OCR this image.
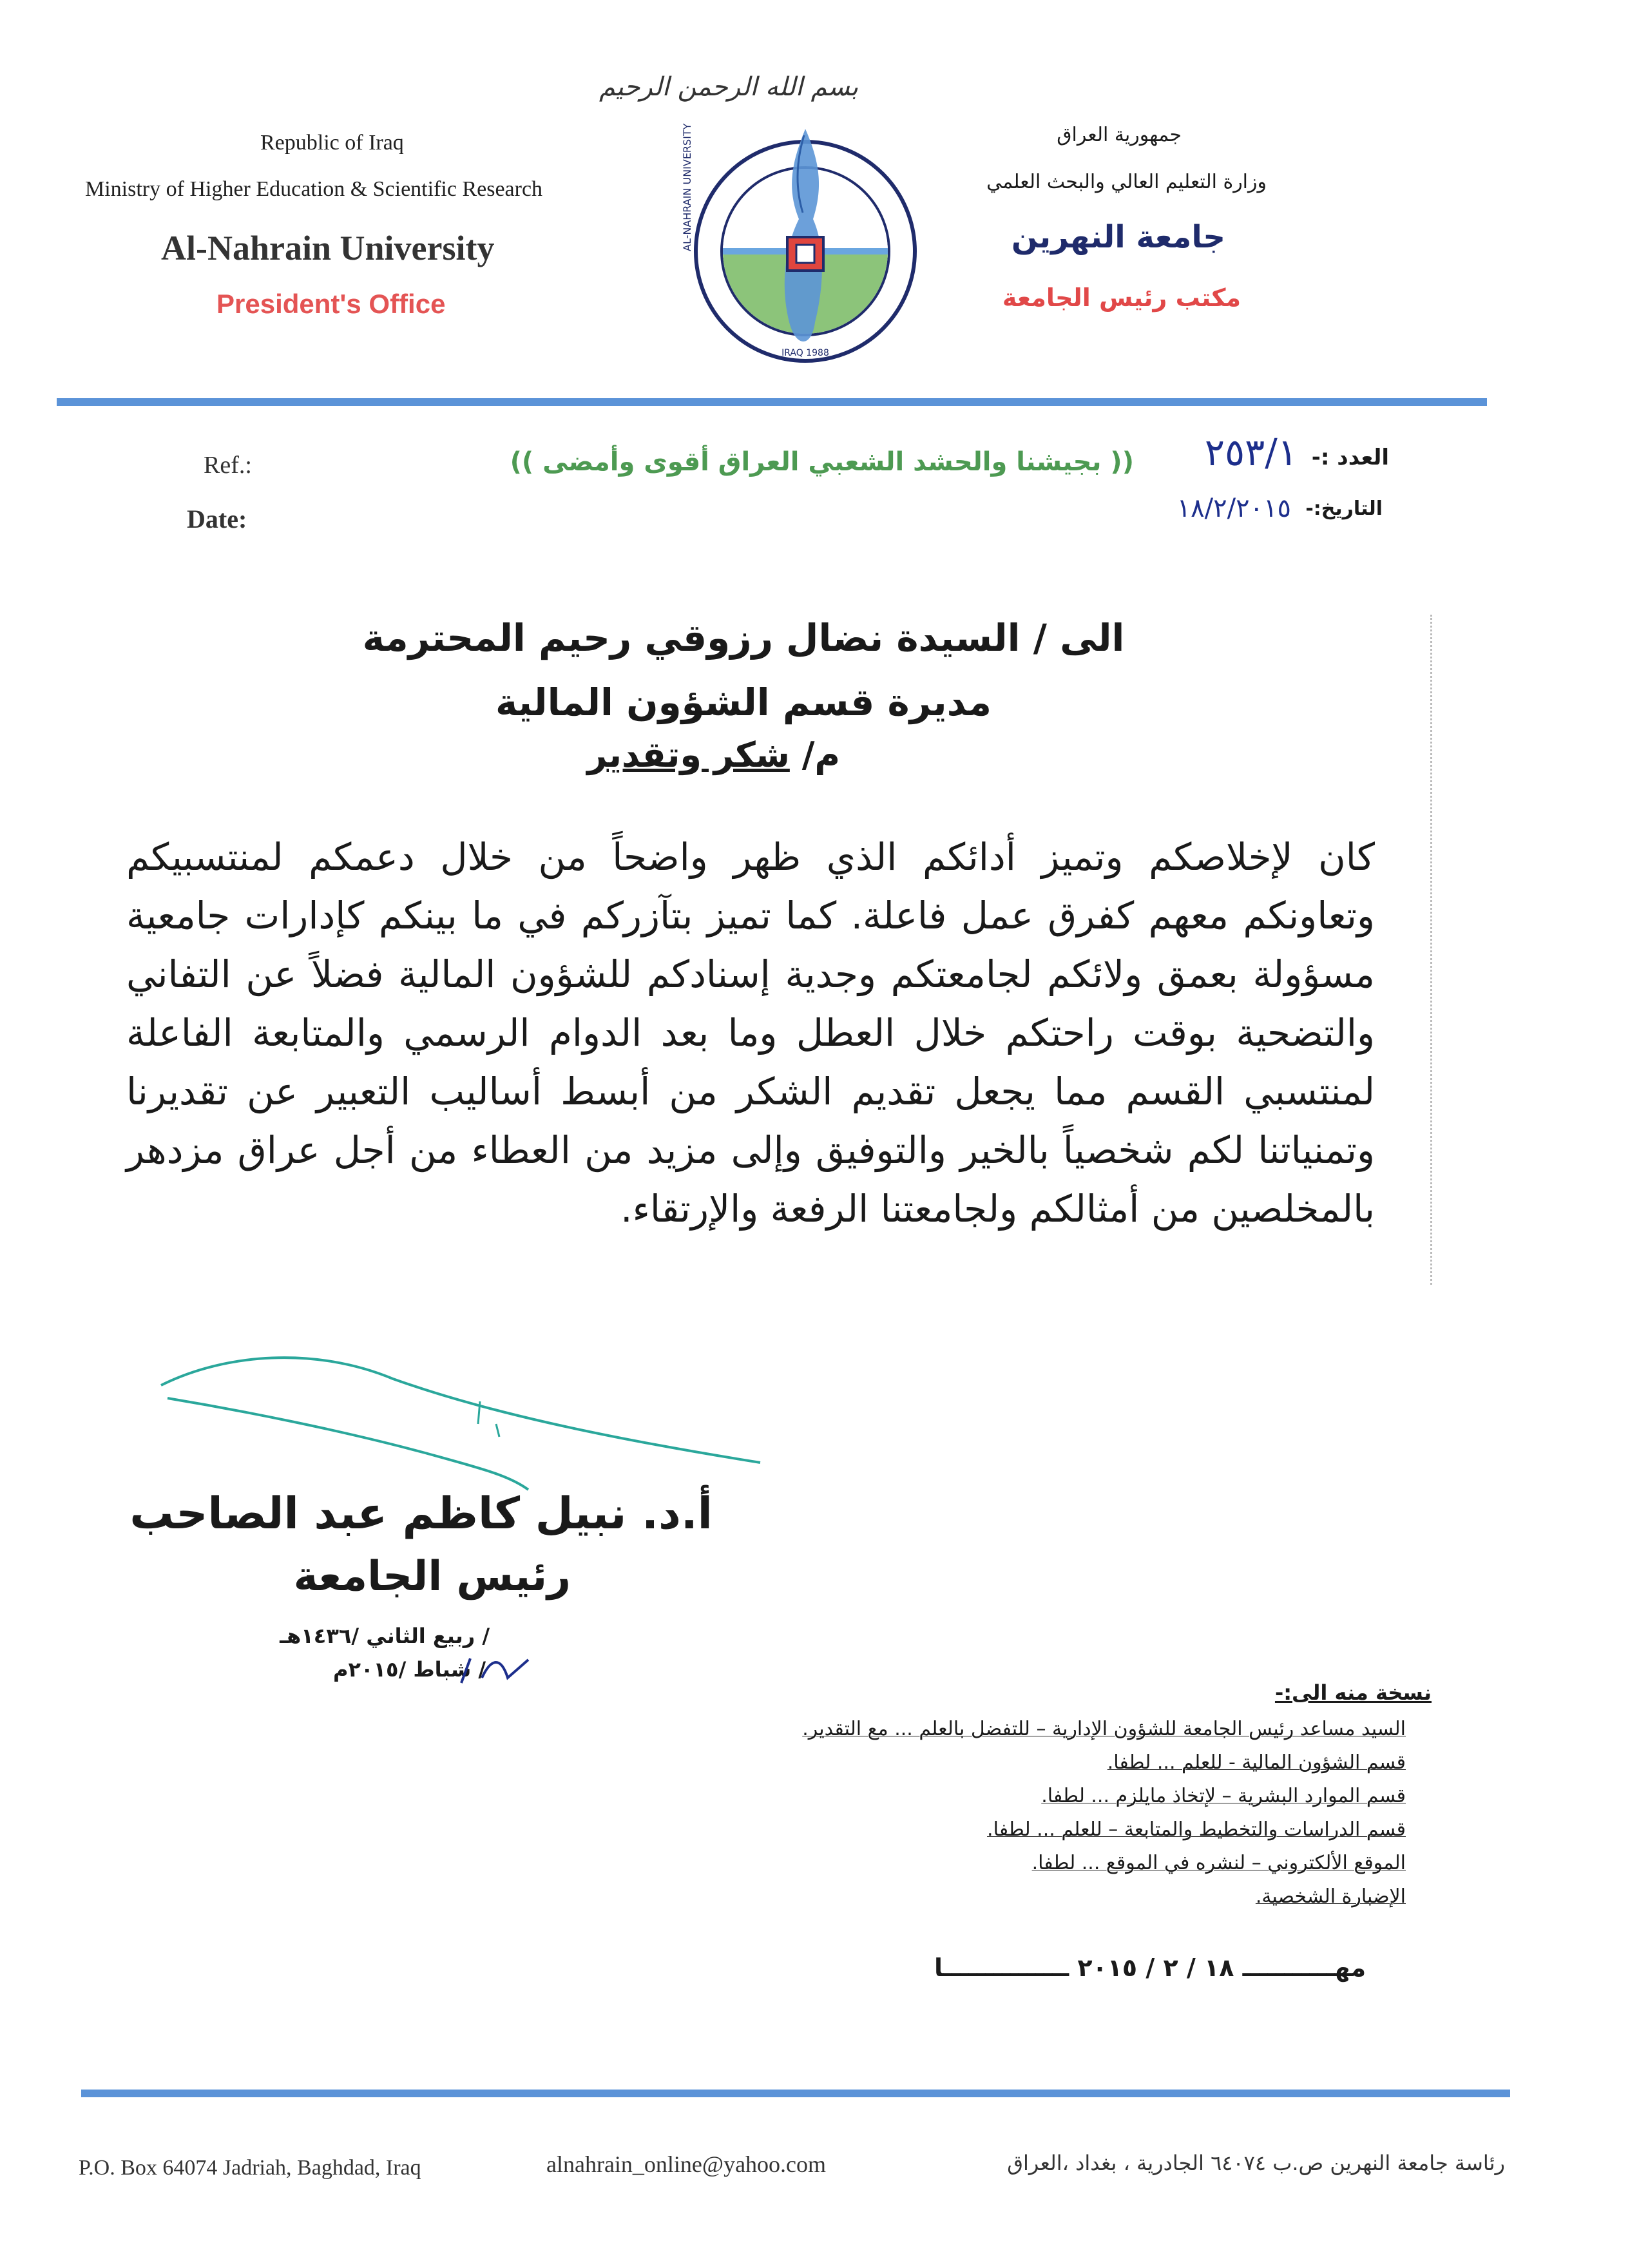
Republic of Iraq
Ministry of Higher Education & Scientific Research
Al-Nahrain University
President's Office
بسم الله الرحمن الرحيم
IRAQ 1988
AL-NAHRAIN UNIVERSITY	جمهورية العراق
وزارة التعليم العالي والبحث العلمي
جامعة النهرين
مكتب رئيس الجامعة
Ref.:
Date:
(( بجيشنا والحشد الشعبي العراق أقوى وأمضى ))	العدد :-
٢٥٣/١
التاريخ:-
١٨/٢/٢٠١٥
الى / السيدة نضال رزوقي رحيم المحترمة
مديرة قسم الشؤون المالية
م/ شكر وتقدير
كان لإخلاصكم وتميز أدائكم الذي ظهر واضحاً من خلال دعمكم لمنتسبيكم وتعاونكم معهم كفرق عمل فاعلة. كما تميز بتآزركم في ما بينكم كإدارات جامعية مسؤولة بعمق ولائكم لجامعتكم وجدية إسنادكم للشؤون المالية فضلاً عن التفاني والتضحية بوقت راحتكم خلال العطل وما بعد الدوام الرسمي والمتابعة الفاعلة لمنتسبي القسم مما يجعل تقديم الشكر من أبسط أساليب التعبير عن تقديرنا وتمنياتنا لكم شخصياً بالخير والتوفيق وإلى مزيد من العطاء من أجل عراق مزدهر بالمخلصين من أمثالكم ولجامعتنا الرفعة والإرتقاء.
أ.د. نبيل كاظم عبد الصاحب
رئيس الجامعة
/ ربيع الثاني /١٤٣٦هـ
/ شباط /٢٠١٥م
نسخة منه الى:-
السيد مساعد رئيس الجامعة للشؤون الإدارية – للتفضل بالعلم ... مع التقدير.
قسم الشؤون المالية - للعلم ... لطفا.
قسم الموارد البشرية – لإتخاذ مايلزم ... لطفا.
قسم الدراسات والتخطيط والمتابعة – للعلم ... لطفا.
الموقع الألكتروني – لنشره في الموقع ... لطفا.
الإضبارة الشخصية.
مهـــــــــــ ١٨ / ٢ / ٢٠١٥ ـــــــــــــــا
P.O. Box 64074 Jadriah, Baghdad, Iraq	alnahrain_online@yahoo.com	رئاسة جامعة النهرين ص.ب ٦٤٠٧٤ الجادرية ، بغداد ،العراق
